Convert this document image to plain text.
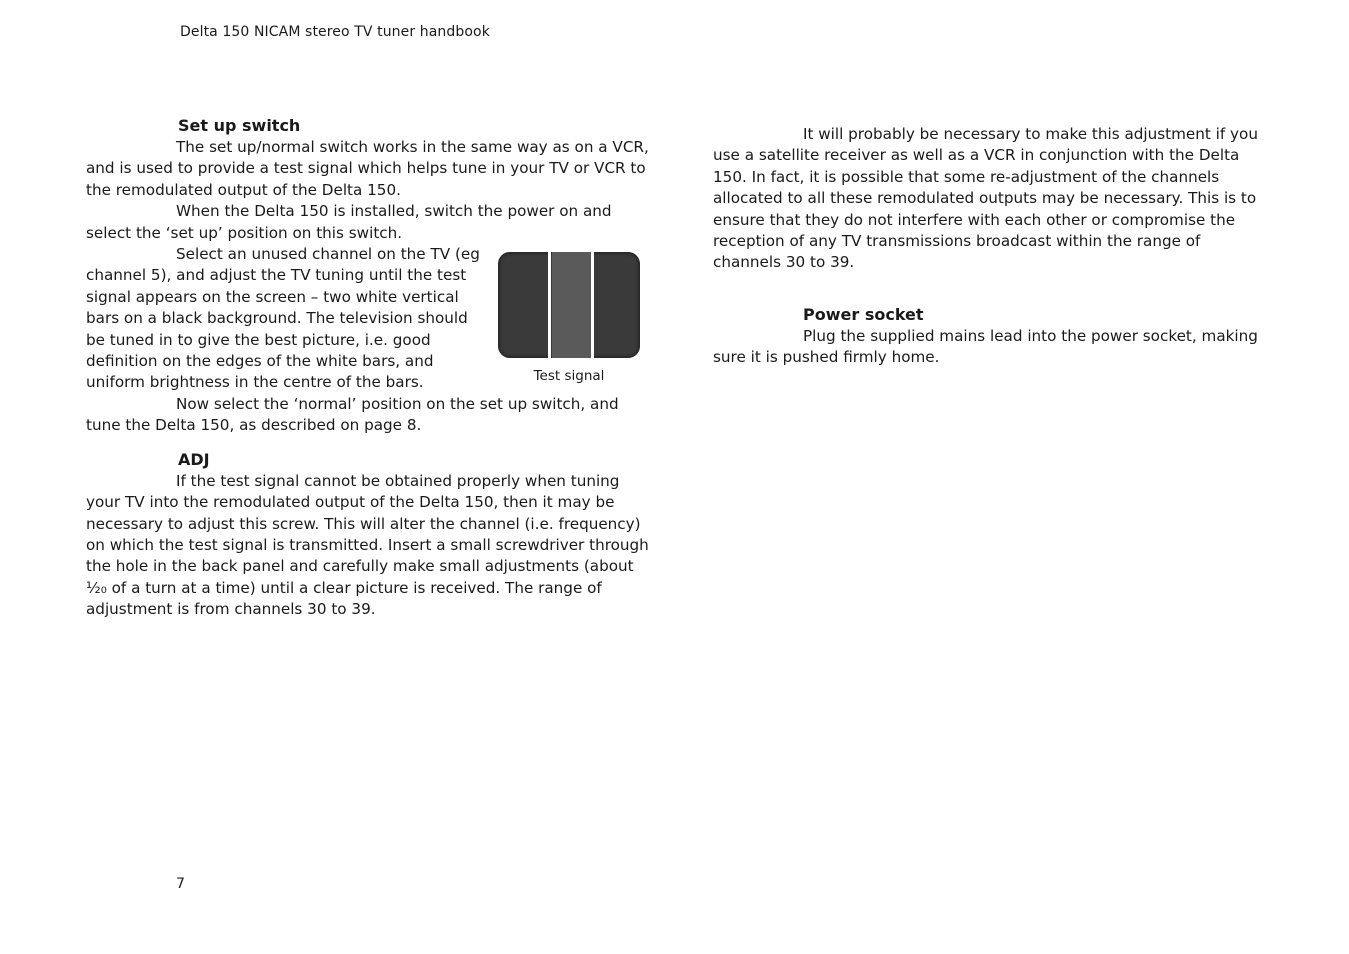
Delta 150 NICAM stereo TV tuner handbook
Set up switch

The set up/normal switch works in the same way as on a VCR, and is used to provide a test signal which helps tune in your TV or VCR to the remodulated output of the Delta 150.

When the Delta 150 is installed, switch the power on and select the ‘set up’ position on this switch.

Test signal

Select an unused channel on the TV (eg channel 5), and adjust the TV tuning until the test signal appears on the screen – two white vertical bars on a black background. The television should be tuned in to give the best picture, i.e. good definition on the edges of the white bars, and uniform brightness in the centre of the bars.

Now select the ‘normal’ position on the set up switch, and tune the Delta 150, as described on page 8.

ADJ

If the test signal cannot be obtained properly when tuning your TV into the remodulated output of the Delta 150, then it may be necessary to adjust this screw. This will alter the channel (i.e. frequency) on which the test signal is transmitted. Insert a small screwdriver through the hole in the back panel and carefully make small adjustments (about ¹⁄₂₀ of a turn at a time) until a clear picture is received. The range of adjustment is from channels 30 to 39.

It will probably be necessary to make this adjustment if you use a satellite receiver as well as a VCR in conjunction with the Delta 150. In fact, it is possible that some re-adjustment of the channels allocated to all these remodulated outputs may be necessary. This is to ensure that they do not interfere with each other or compromise the reception of any TV transmissions broadcast within the range of channels 30 to 39.

Power socket

Plug the supplied mains lead into the power socket, making sure it is pushed firmly home.

7
